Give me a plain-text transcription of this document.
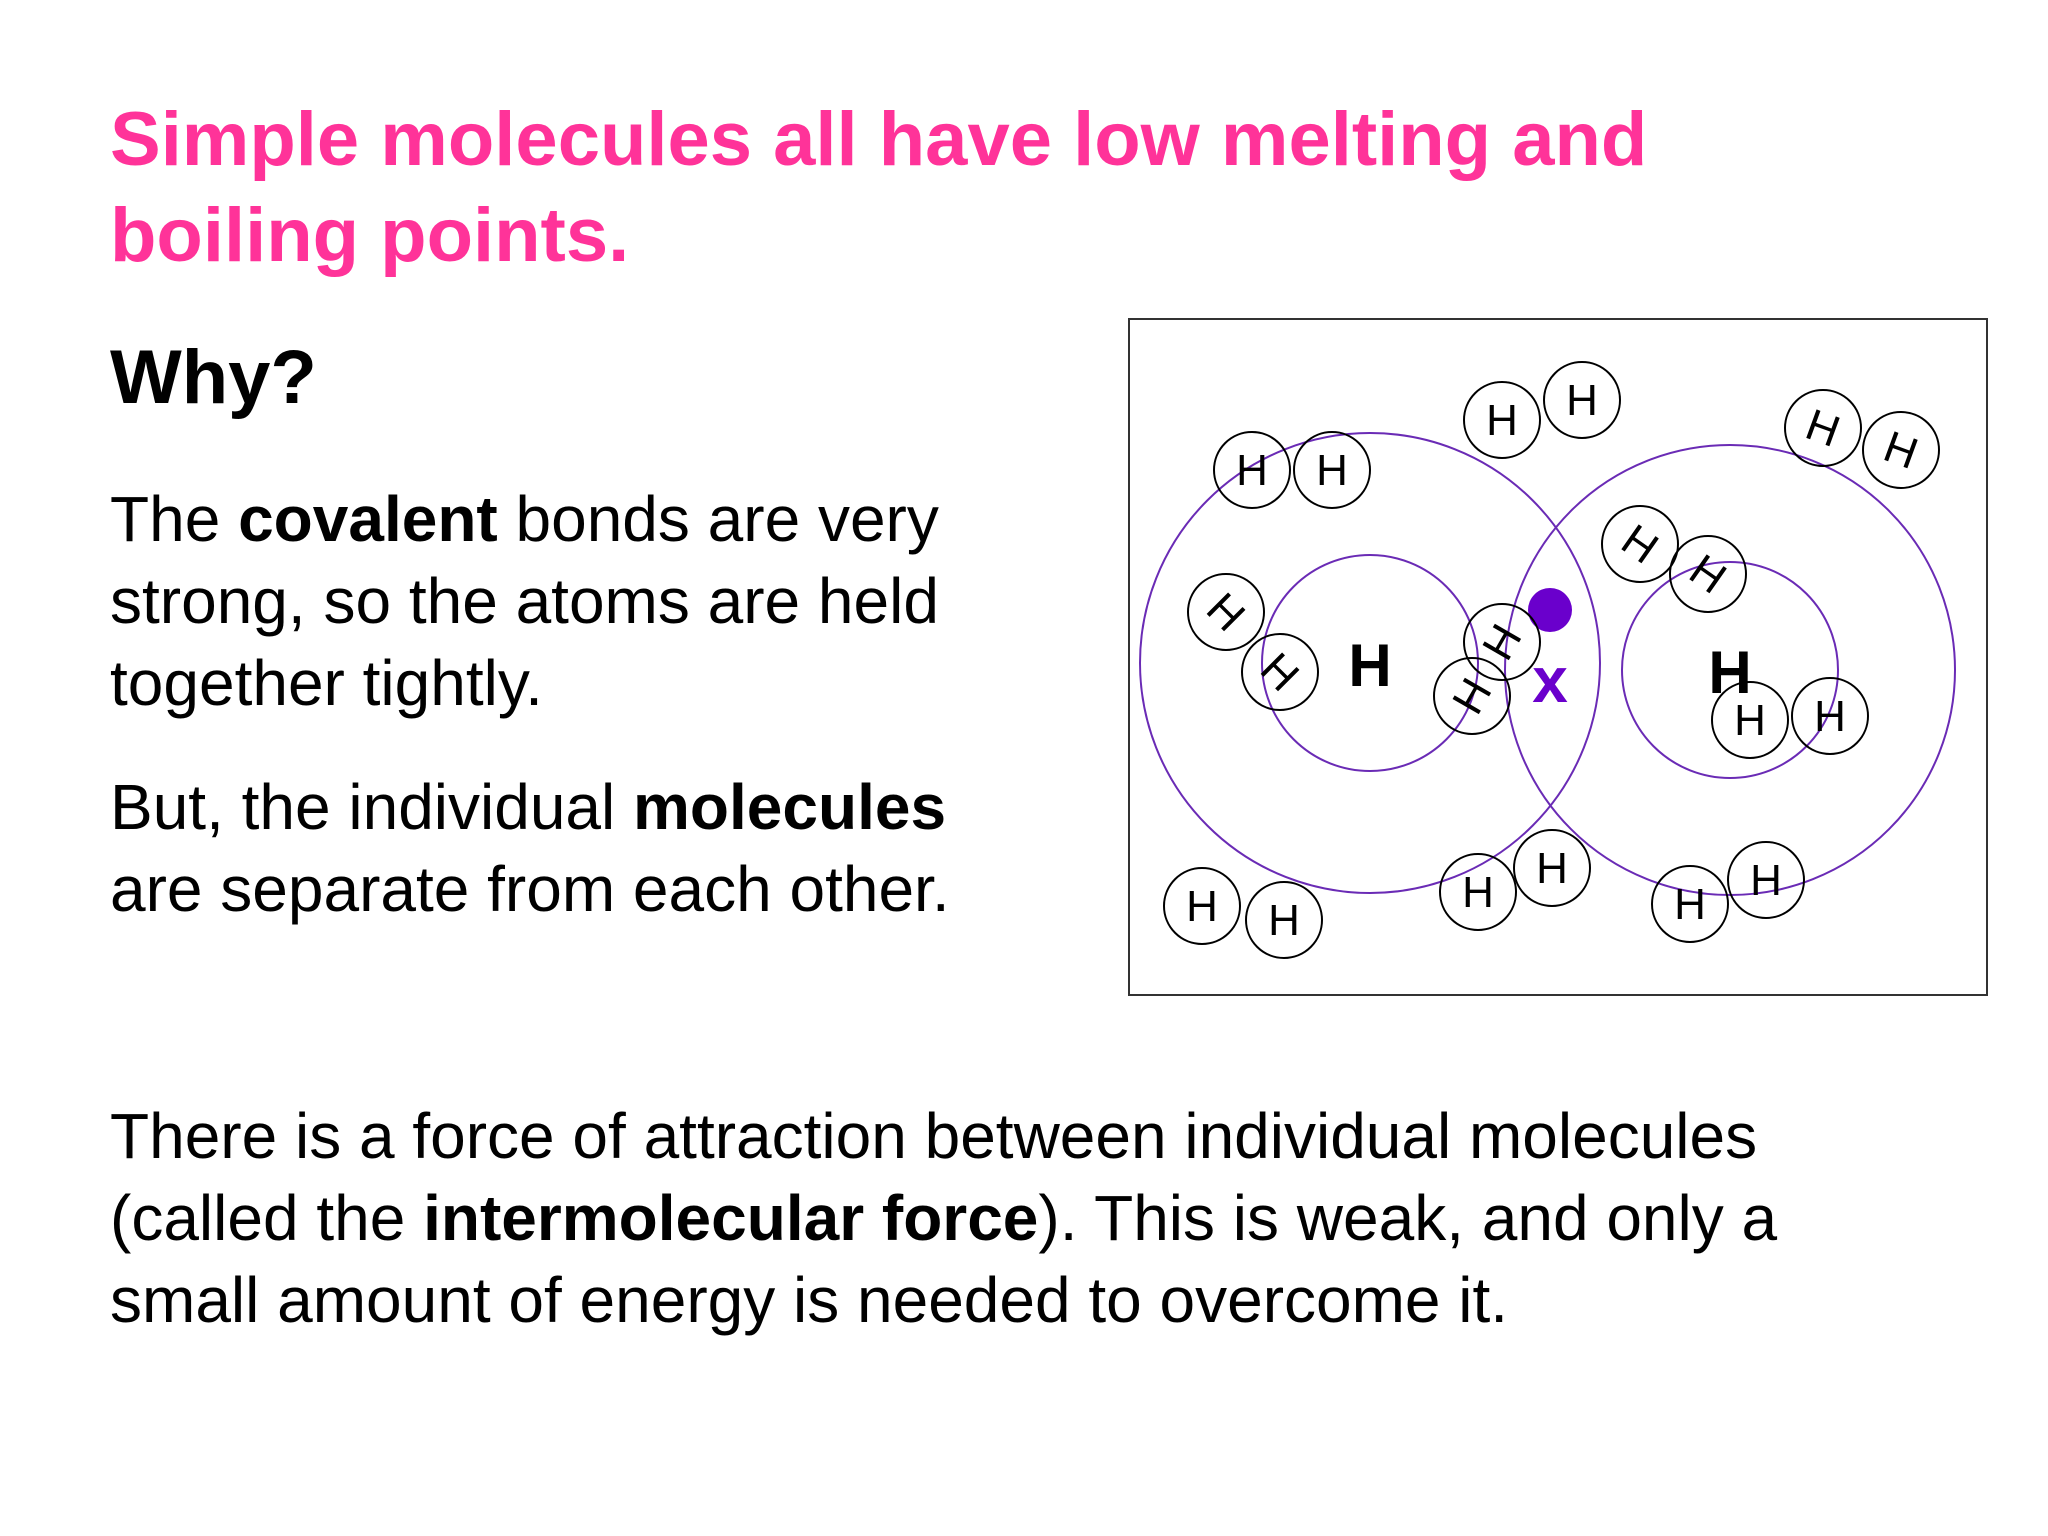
Simple molecules all have low melting and boiling points.
Why?

The covalent bonds are very strong, so the atoms are held together tightly.

But, the individual molecules are separate from each other.

There is a force of attraction between individual molecules (called the intermolecular force). This is weak, and only a small amount of energy is needed to overcome it.

H	H
x
H H
H H	H H
H
H
H
H
H
H	H H
H H
H H
H H
